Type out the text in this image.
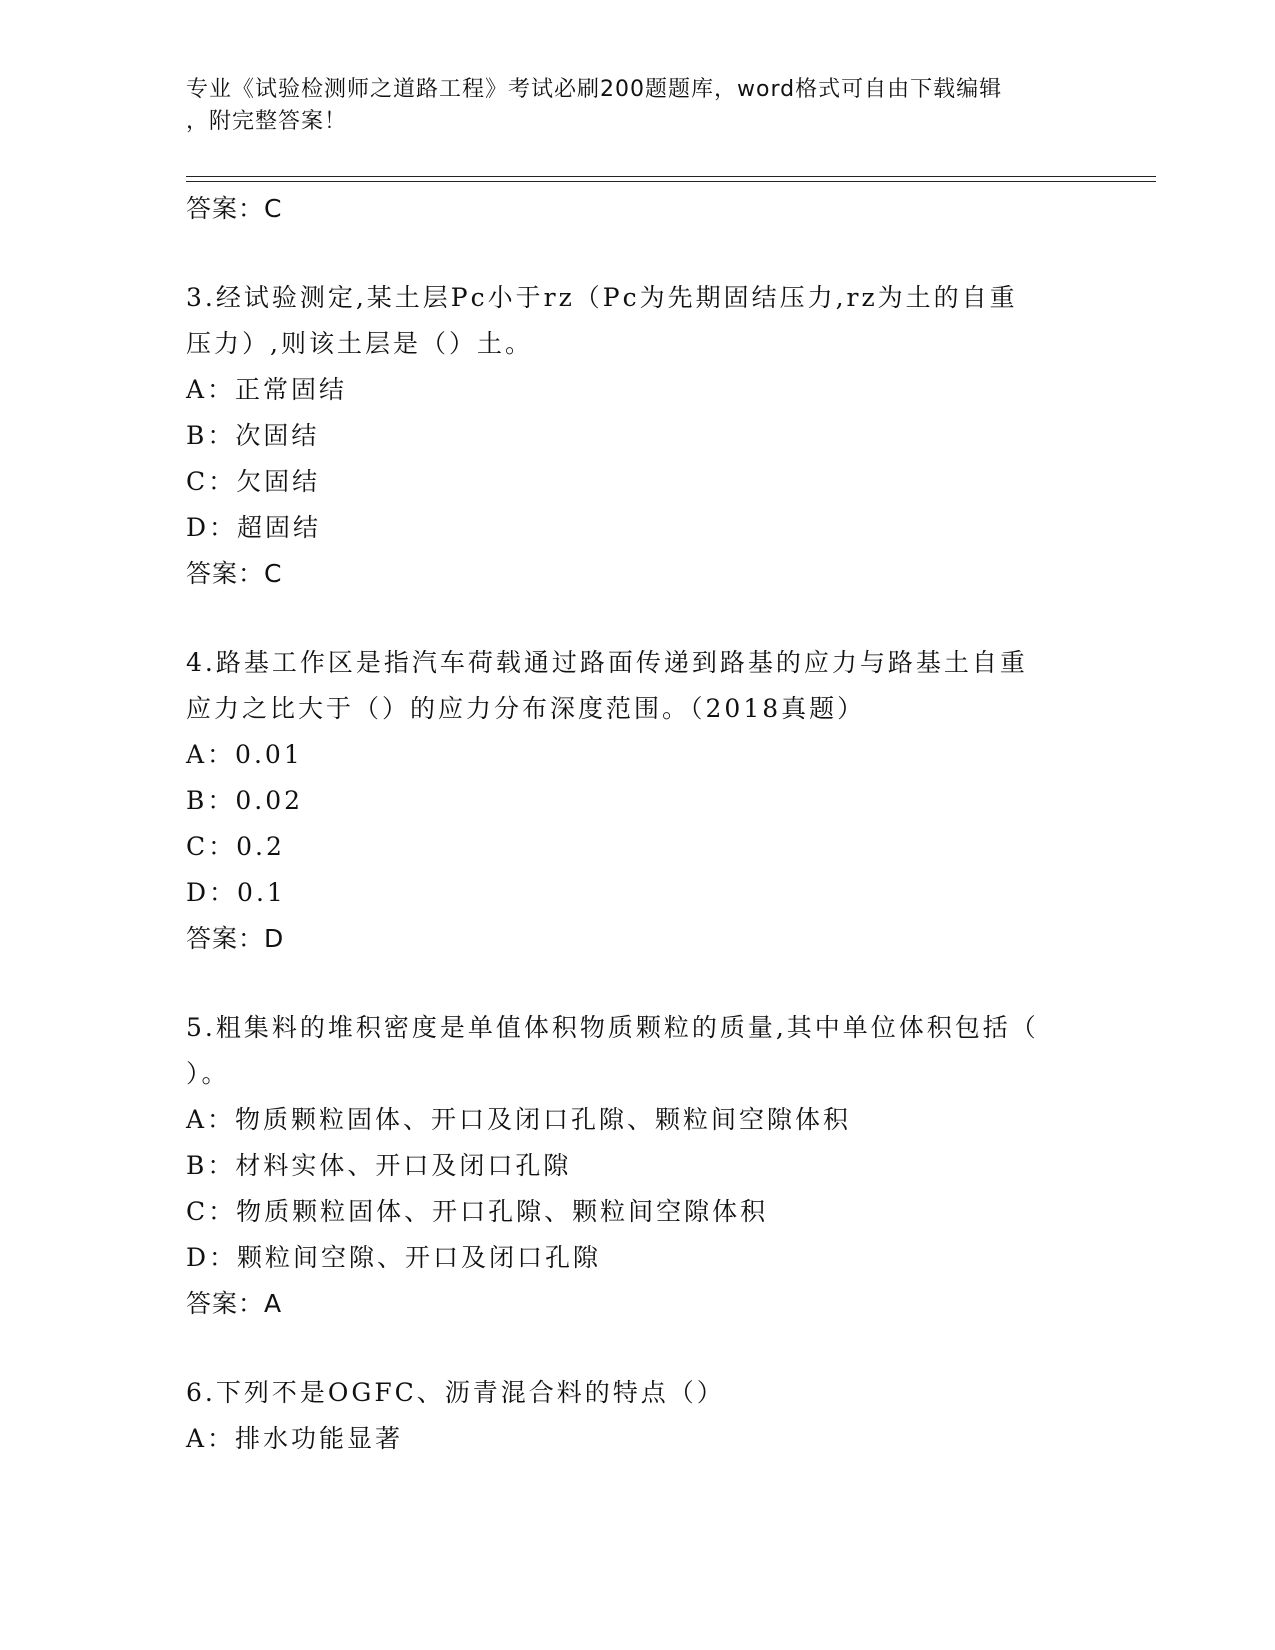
专业《试验检测师之道路工程》考试必刷200题题库，word格式可自由下载编辑
，附完整答案！
答案：C
3.经试验测定,某土层Pc小于rz（Pc为先期固结压力,rz为土的自重
压力）,则该土层是（）土。
A：正常固结
B：次固结
C：欠固结
D：超固结
答案：C
4.路基工作区是指汽车荷载通过路面传递到路基的应力与路基土自重
应力之比大于（）的应力分布深度范围。（2018真题）
A：0.01
B：0.02
C：0.2
D：0.1
答案：D
5.粗集料的堆积密度是单值体积物质颗粒的质量,其中单位体积包括（
）。
A：物质颗粒固体、开口及闭口孔隙、颗粒间空隙体积
B：材料实体、开口及闭口孔隙
C：物质颗粒固体、开口孔隙、颗粒间空隙体积
D：颗粒间空隙、开口及闭口孔隙
答案：A
6.下列不是OGFC、沥青混合料的特点（）
A：排水功能显著
